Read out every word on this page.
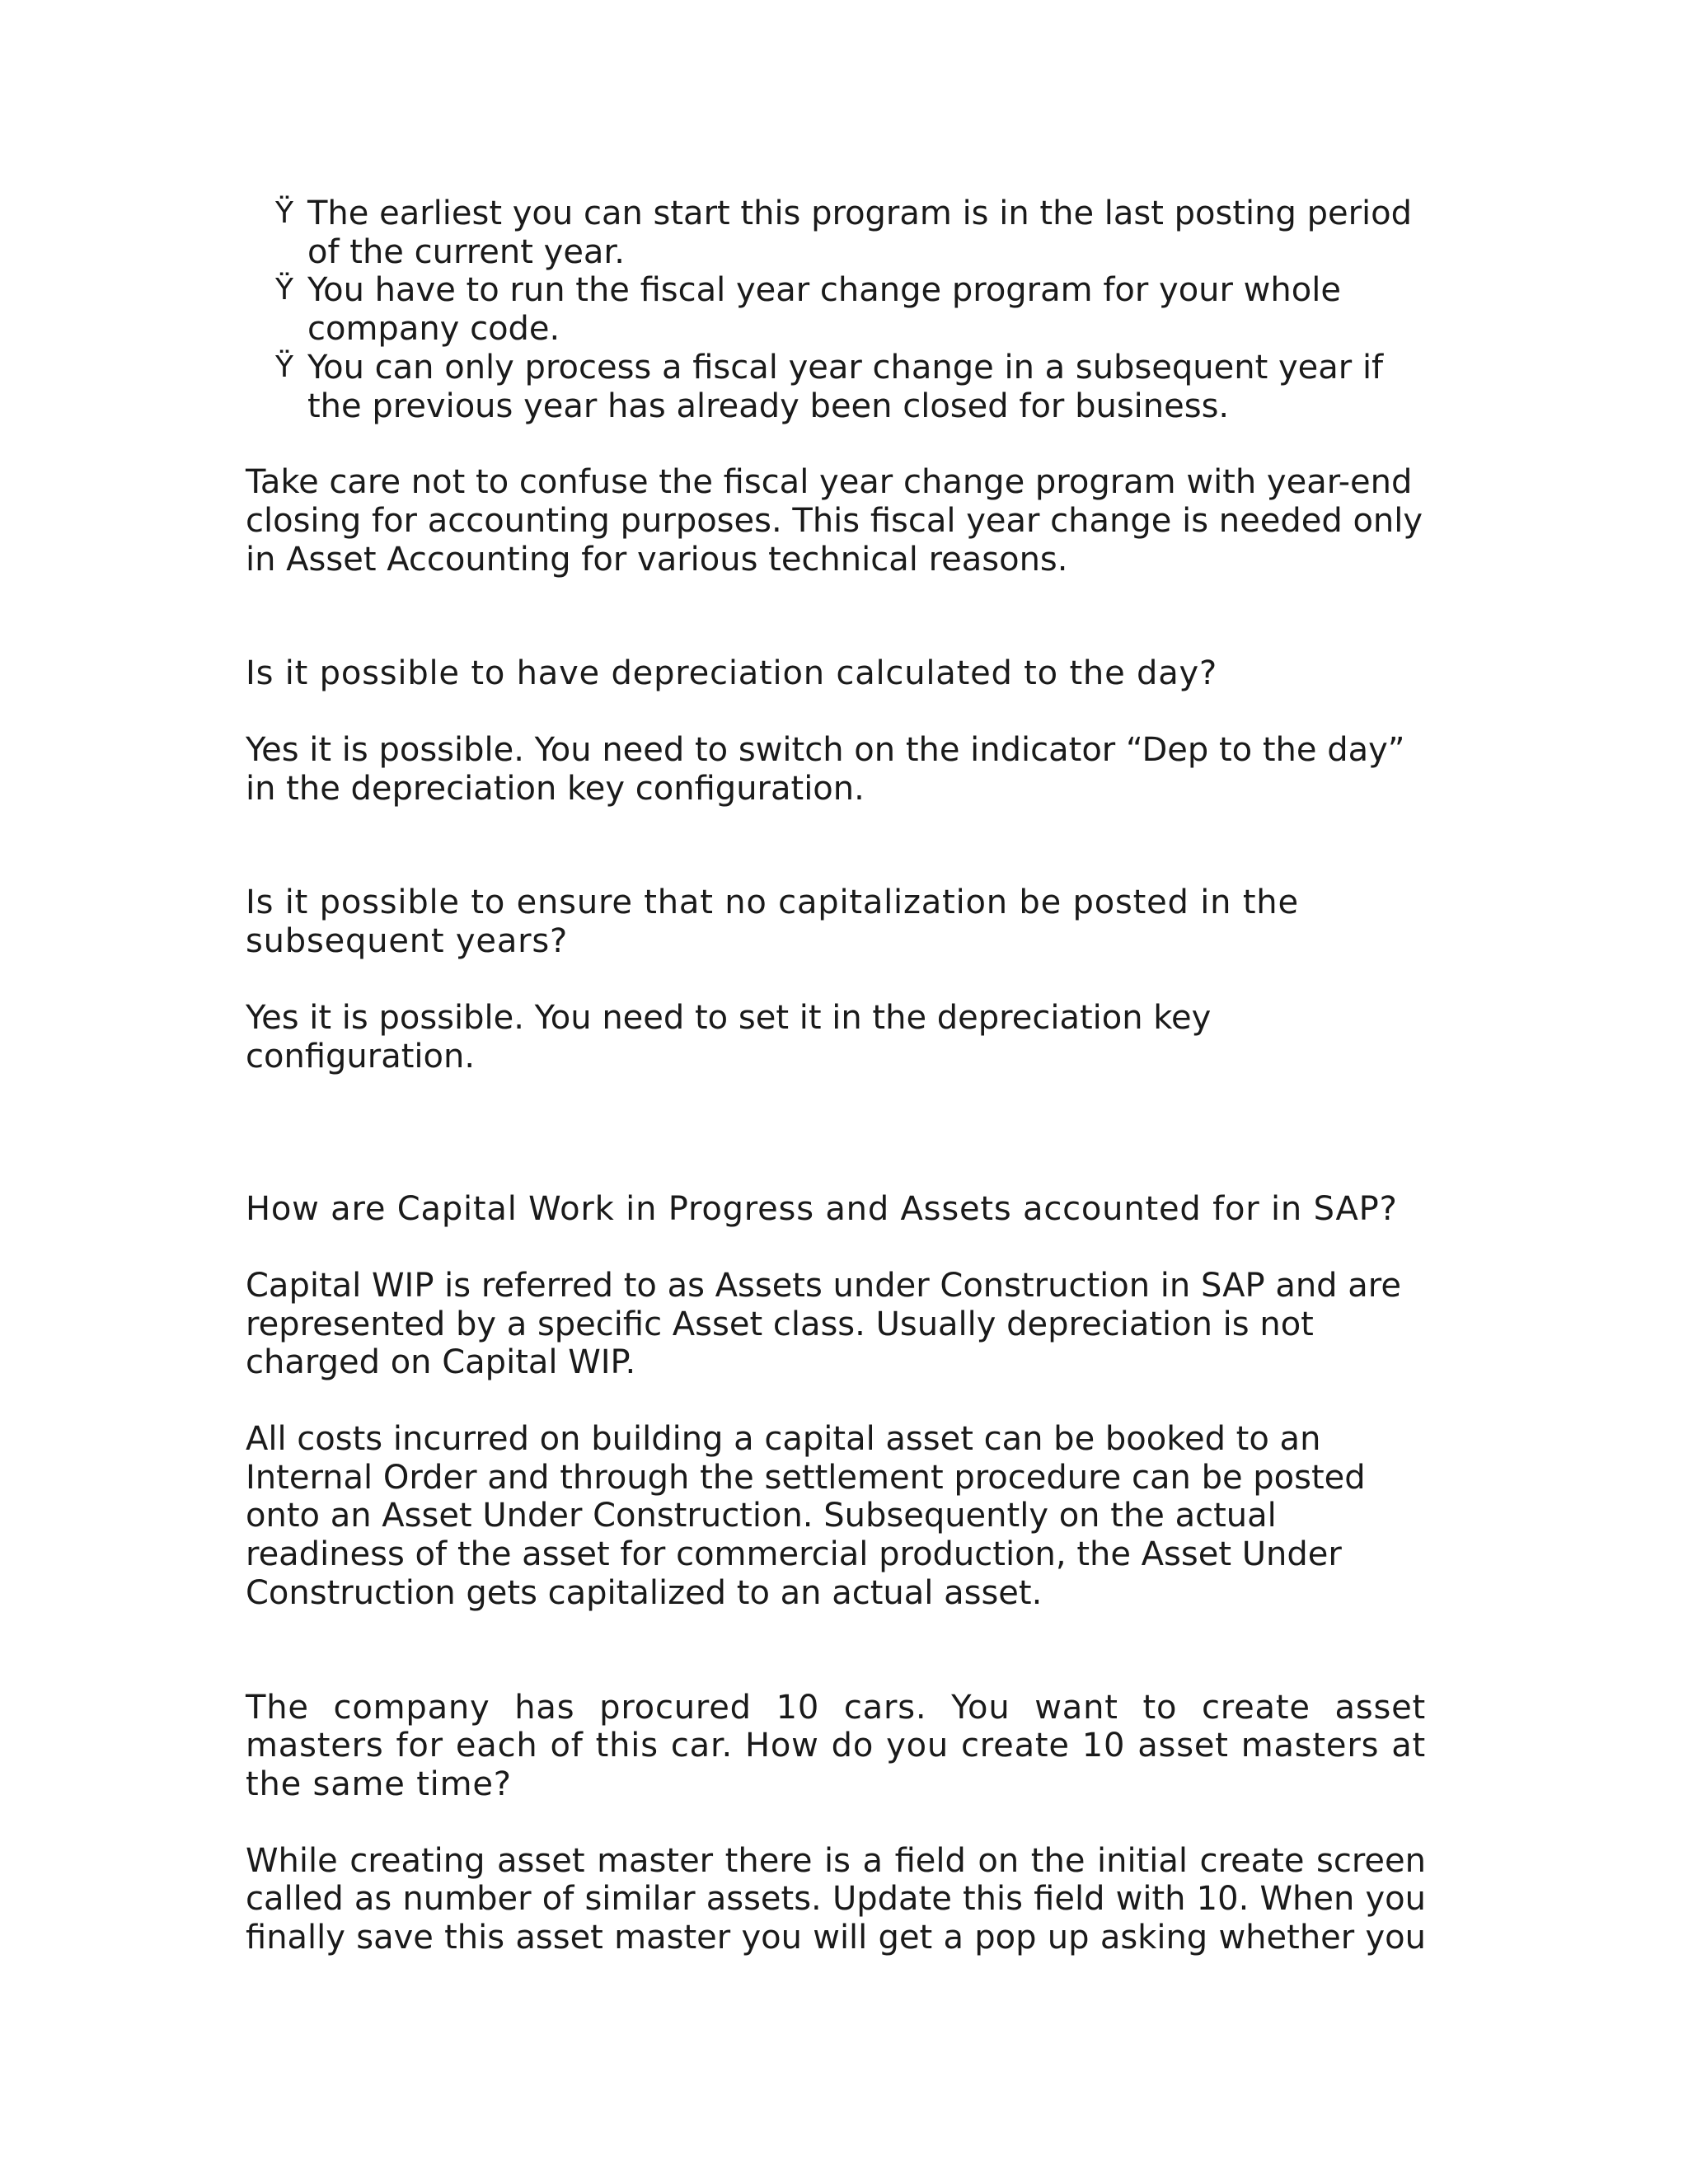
Ÿ The earliest you can start this program is in the last posting period of the current year.
Ÿ You have to run the fiscal year change program for your whole company code.
Ÿ You can only process a fiscal year change in a subsequent year if the previous year has already been closed for business.

Take care not to confuse the fiscal year change program with year-end closing for accounting purposes. This fiscal year change is needed only in Asset Accounting for various technical reasons.

Is it possible to have depreciation calculated to the day?

Yes it is possible. You need to switch on the indicator “Dep to the day” in the depreciation key configuration.

Is it possible to ensure that no capitalization be posted in the subsequent years?

Yes it is possible. You need to set it in the depreciation key configuration.

How are Capital Work in Progress and Assets accounted for in SAP?

Capital WIP is referred to as Assets under Construction in SAP and are represented by a specific Asset class. Usually depreciation is not charged on Capital WIP.

All costs incurred on building a capital asset can be booked to an Internal Order and through the settlement procedure can be posted onto an Asset Under Construction. Subsequently on the actual readiness of the asset for commercial production, the Asset Under Construction gets capitalized to an actual asset.

The company has procured 10 cars. You want to create asset masters for each of this car. How do you create 10 asset masters at the same time?

While creating asset master there is a field on the initial create screen called as number of similar assets. Update this field with 10. When you finally save this asset master you will get a pop up asking whether you
